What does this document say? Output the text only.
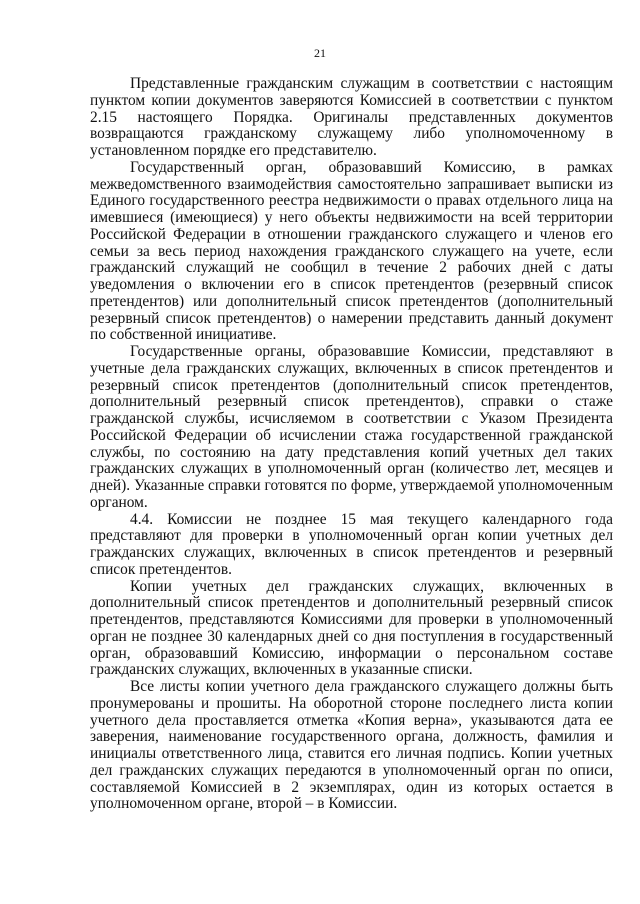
21

Представленные гражданским служащим в соответствии с настоящим пунктом копии документов заверяются Комиссией в соответствии с пунктом 2.15 настоящего Порядка. Оригиналы представленных документов возвращаются гражданскому служащему либо уполномоченному в установленном порядке его представителю.

Государственный орган, образовавший Комиссию, в рамках межведомственного взаимодействия самостоятельно запрашивает выписки из Единого государственного реестра недвижимости о правах отдельного лица на имевшиеся (имеющиеся) у него объекты недвижимости на всей территории Российской Федерации в отношении гражданского служащего и членов его семьи за весь период нахождения гражданского служащего на учете, если гражданский служащий не сообщил в течение 2 рабочих дней с даты уведомления о включении его в список претендентов (резервный список претендентов) или дополнительный список претендентов (дополнительный резервный список претендентов) о намерении представить данный документ по собственной инициативе.

Государственные органы, образовавшие Комиссии, представляют в учетные дела гражданских служащих, включенных в список претендентов и резервный список претендентов (дополнительный список претендентов, дополнительный резервный список претендентов), справки о стаже гражданской службы, исчисляемом в соответствии с Указом Президента Российской Федерации об исчислении стажа государственной гражданской службы, по состоянию на дату представления копий учетных дел таких гражданских служащих в уполномоченный орган (количество лет, месяцев и дней). Указанные справки готовятся по форме, утверждаемой уполномоченным органом.

4.4. Комиссии не позднее 15 мая текущего календарного года представляют для проверки в уполномоченный орган копии учетных дел гражданских служащих, включенных в список претендентов и резервный список претендентов.

Копии учетных дел гражданских служащих, включенных в дополнительный список претендентов и дополнительный резервный список претендентов, представляются Комиссиями для проверки в уполномоченный орган не позднее 30 календарных дней со дня поступления в государственный орган, образовавший Комиссию, информации о персональном составе гражданских служащих, включенных в указанные списки.

Все листы копии учетного дела гражданского служащего должны быть пронумерованы и прошиты. На оборотной стороне последнего листа копии учетного дела проставляется отметка «Копия верна», указываются дата ее заверения, наименование государственного органа, должность, фамилия и инициалы ответственного лица, ставится его личная подпись. Копии учетных дел гражданских служащих передаются в уполномоченный орган по описи, составляемой Комиссией в 2 экземплярах, один из которых остается в уполномоченном органе, второй – в Комиссии.
